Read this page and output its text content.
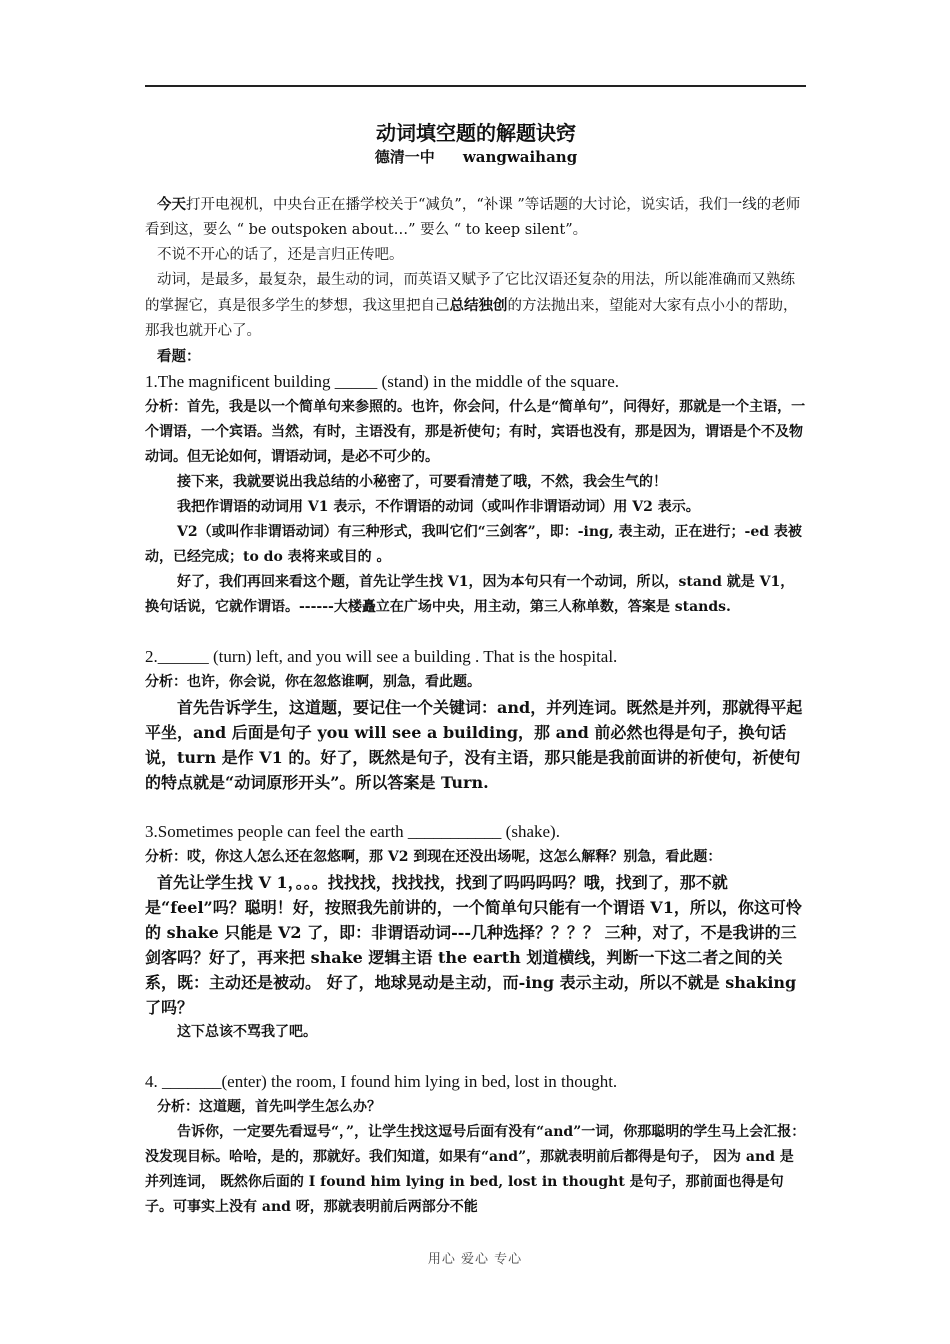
动词填空题的解题诀窍

德清一中 wangwaihang

今天打开电视机，中央台正在播学校关于“减负”，“补课 ”等话题的大讨论，说实话，我们一线的老师看到这，要么 “ be outspoken about…” 要么 “ to keep silent”。

不说不开心的话了，还是言归正传吧。

动词，是最多，最复杂，最生动的词，而英语又赋予了它比汉语还复杂的用法，所以能准确而又熟练的掌握它，真是很多学生的梦想，我这里把自己总结独创的方法抛出来，望能对大家有点小小的帮助，那我也就开心了。

看题：

1.The magnificent building _____ (stand) in the middle of the square.

分析：首先，我是以一个简单句来参照的。也许，你会问，什么是“简单句”，问得好，那就是一个主语，一个谓语，一个宾语。当然，有时，主语没有，那是祈使句；有时，宾语也没有，那是因为，谓语是个不及物动词。但无论如何，谓语动词，是必不可少的。

接下来，我就要说出我总结的小秘密了，可要看清楚了哦，不然，我会生气的！

我把作谓语的动词用 V1 表示，不作谓语的动词（或叫作非谓语动词）用 V2 表示。

V2（或叫作非谓语动词）有三种形式，我叫它们“三剑客”，即：-ing, 表主动，正在进行；-ed 表被动，已经完成；to do 表将来或目的 。

好了，我们再回来看这个题，首先让学生找 V1，因为本句只有一个动词，所以，stand 就是 V1，换句话说，它就作谓语。------大楼矗立在广场中央，用主动，第三人称单数，答案是 stands.

2.______ (turn) left, and you will see a building . That is the hospital.

分析：也许，你会说，你在忽悠谁啊，别急，看此题。

首先告诉学生，这道题，要记住一个关键词：and，并列连词。既然是并列，那就得平起平坐，and 后面是句子 you will see a building，那 and 前必然也得是句子，换句话说，turn 是作 V1 的。好了，既然是句子，没有主语，那只能是我前面讲的祈使句，祈使句的特点就是“动词原形开头”。所以答案是 Turn.

3.Sometimes people can feel the earth ___________ (shake).

分析：哎，你这人怎么还在忽悠啊，那 V2 到现在还没出场呢，这怎么解释？别急，看此题：

首先让学生找 V 1，。。。找找找，找找找，找到了吗吗吗吗？哦，找到了，那不就是“feel”吗？聪明！好，按照我先前讲的，一个简单句只能有一个谓语 V1，所以，你这可怜的 shake 只能是 V2 了，即：非谓语动词---几种选择？？？？ 三种，对了，不是我讲的三剑客吗？好了，再来把 shake 逻辑主语 the earth 划道横线，判断一下这二者之间的关系，既：主动还是被动。 好了，地球晃动是主动，而-ing 表示主动，所以不就是 shaking 了吗？

这下总该不骂我了吧。

4. _______(enter) the room, I found him lying in bed, lost in thought.

分析：这道题，首先叫学生怎么办？

告诉你，一定要先看逗号“，”，让学生找这逗号后面有没有“and”一词，你那聪明的学生马上会汇报：没发现目标。哈哈，是的，那就好。我们知道，如果有“and”，那就表明前后都得是句子， 因为 and 是并列连词， 既然你后面的 I found him lying in bed, lost in thought 是句子，那前面也得是句子。可事实上没有 and 呀，那就表明前后两部分不能

用心 爱心 专心
